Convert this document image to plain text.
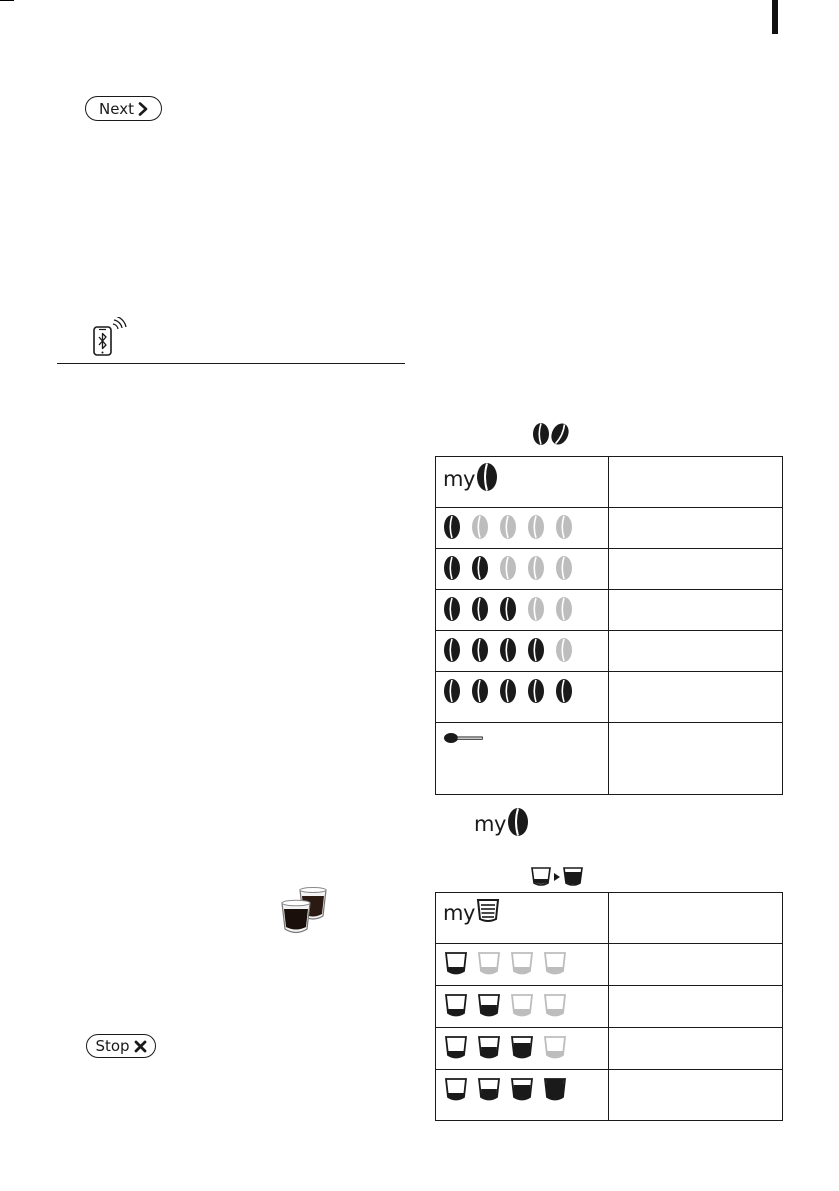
Next
Stop
my	

my
my	
